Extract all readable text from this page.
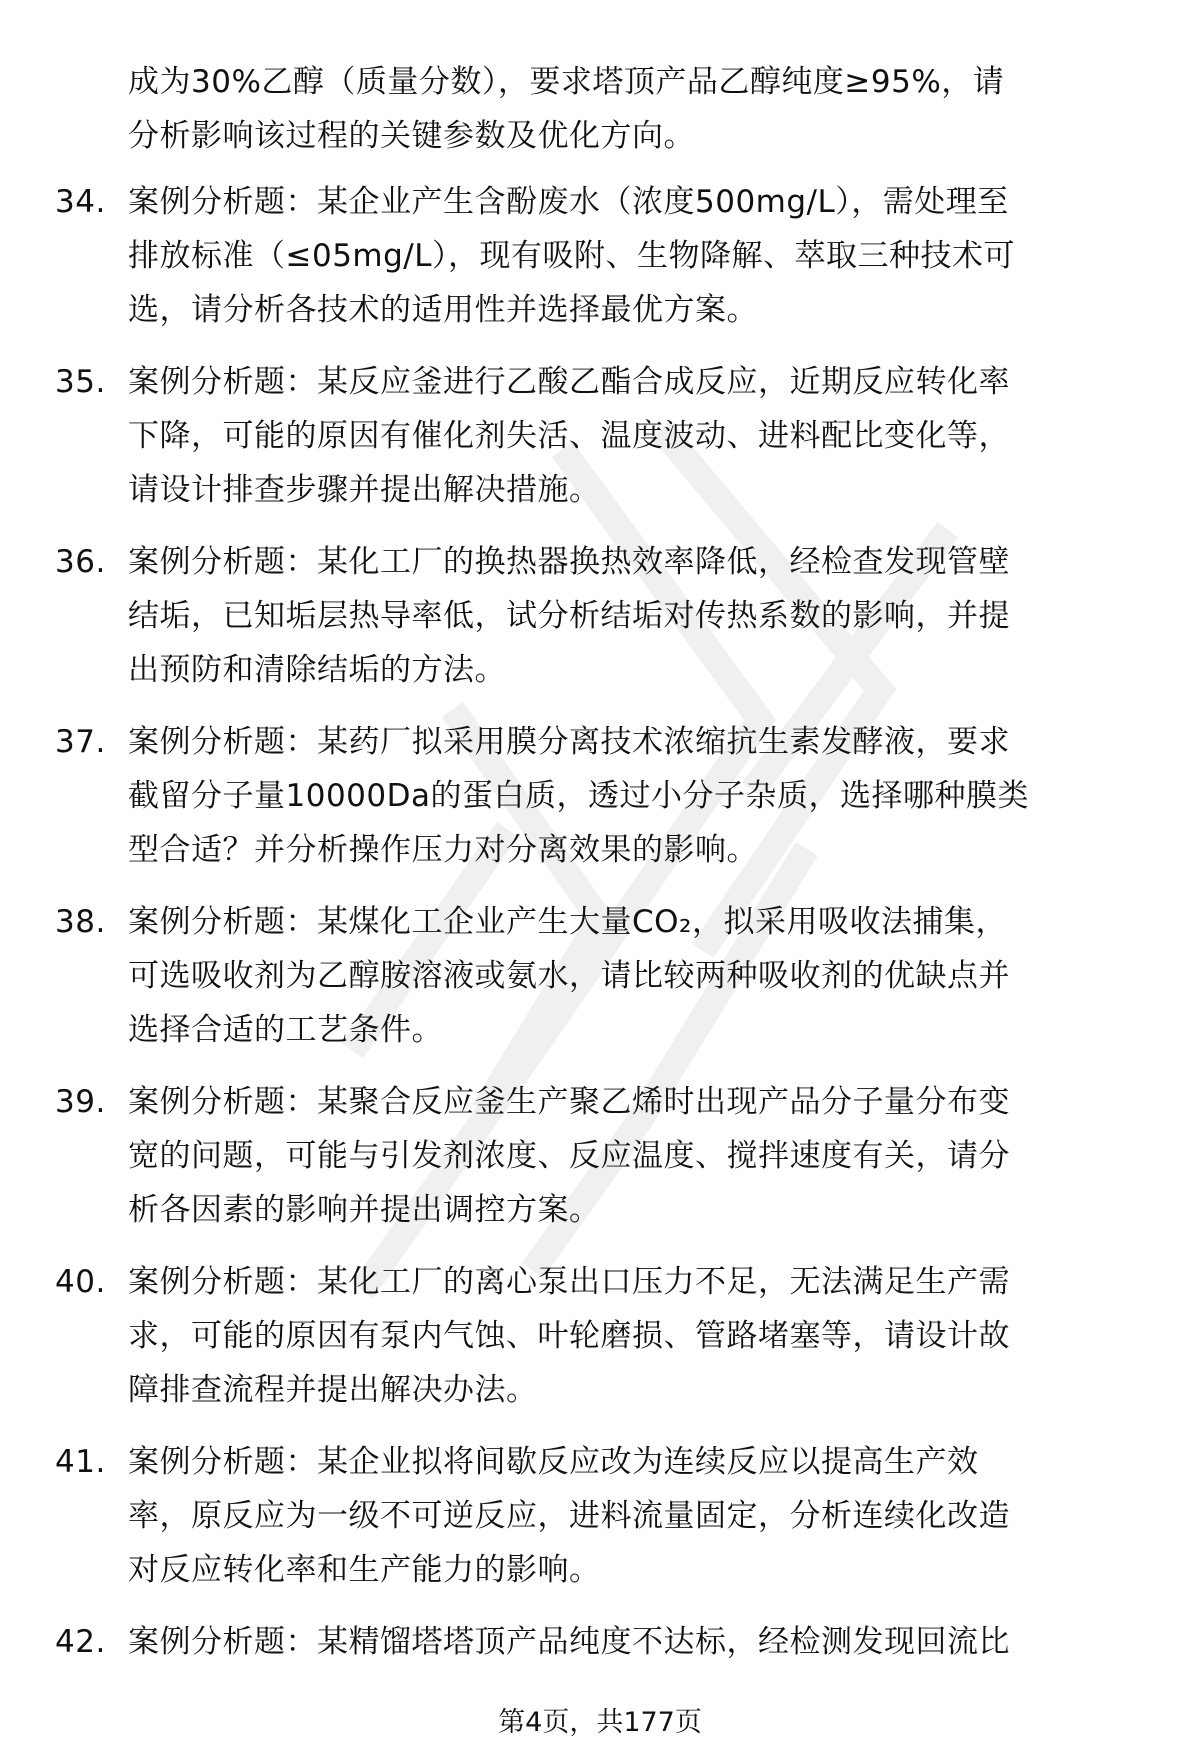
成为30%乙醇（质量分数），要求塔顶产品乙醇纯度≥95%，请
分析影响该过程的关键参数及优化方向。
34. 案例分析题：某企业产生含酚废水（浓度500mg/L），需处理至
排放标准（≤05mg/L），现有吸附、生物降解、萃取三种技术可
选，请分析各技术的适用性并选择最优方案。
35. 案例分析题：某反应釜进行乙酸乙酯合成反应，近期反应转化率
下降，可能的原因有催化剂失活、温度波动、进料配比变化等，
请设计排查步骤并提出解决措施。
36. 案例分析题：某化工厂的换热器换热效率降低，经检查发现管壁
结垢，已知垢层热导率低，试分析结垢对传热系数的影响，并提
出预防和清除结垢的方法。
37. 案例分析题：某药厂拟采用膜分离技术浓缩抗生素发酵液，要求
截留分子量10000Da的蛋白质，透过小分子杂质，选择哪种膜类
型合适？并分析操作压力对分离效果的影响。
38. 案例分析题：某煤化工企业产生大量CO₂，拟采用吸收法捕集，
可选吸收剂为乙醇胺溶液或氨水，请比较两种吸收剂的优缺点并
选择合适的工艺条件。
39. 案例分析题：某聚合反应釜生产聚乙烯时出现产品分子量分布变
宽的问题，可能与引发剂浓度、反应温度、搅拌速度有关，请分
析各因素的影响并提出调控方案。
40. 案例分析题：某化工厂的离心泵出口压力不足，无法满足生产需
求，可能的原因有泵内气蚀、叶轮磨损、管路堵塞等，请设计故
障排查流程并提出解决办法。
41. 案例分析题：某企业拟将间歇反应改为连续反应以提高生产效
率，原反应为一级不可逆反应，进料流量固定，分析连续化改造
对反应转化率和生产能力的影响。
42. 案例分析题：某精馏塔塔顶产品纯度不达标，经检测发现回流比
第4页，共177页
